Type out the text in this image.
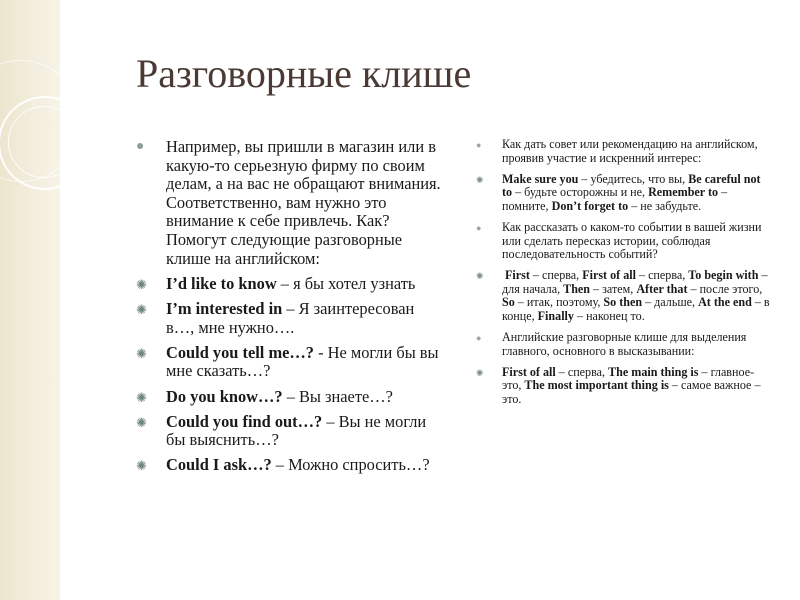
Разговорные клише
● Например, вы пришли в магазин или в какую-то серьезную фирму по своим делам, а на вас не обращают внимания. Соответственно, вам нужно это внимание к себе привлечь. Как? Помогут следующие разговорные клише на английском:
✺ I’d like to know – я бы хотел узнать
✺ I’m interested in – Я заинтересован в…, мне нужно….
✺ Could you tell me…? - Не могли бы вы мне сказать…?
✺ Do you know…? – Вы знаете…?
✺ Could you find out…? – Вы не могли бы выяснить…?
✺ Could I ask…? – Можно спросить…?
● Как дать совет или рекомендацию на английском, проявив участие и искренний интерес:
✺ Make sure you – убедитесь, что вы, Be careful not to – будьте осторожны и не, Remember to – помните, Don’t forget to – не забудьте.
● Как рассказать о каком-то событии в вашей жизни или сделать пересказ истории, соблюдая последовательность событий?
✺ First – сперва, First of all – сперва, To begin with – для начала, Then – затем, After that – после этого, So – итак, поэтому, So then – дальше, At the end – в конце, Finally – наконец то.
● Английские разговорные клише для выделения главного, основного в высказывании:
✺ First of all – сперва, The main thing is – главное- это, The most important thing is – самое важное – это.
